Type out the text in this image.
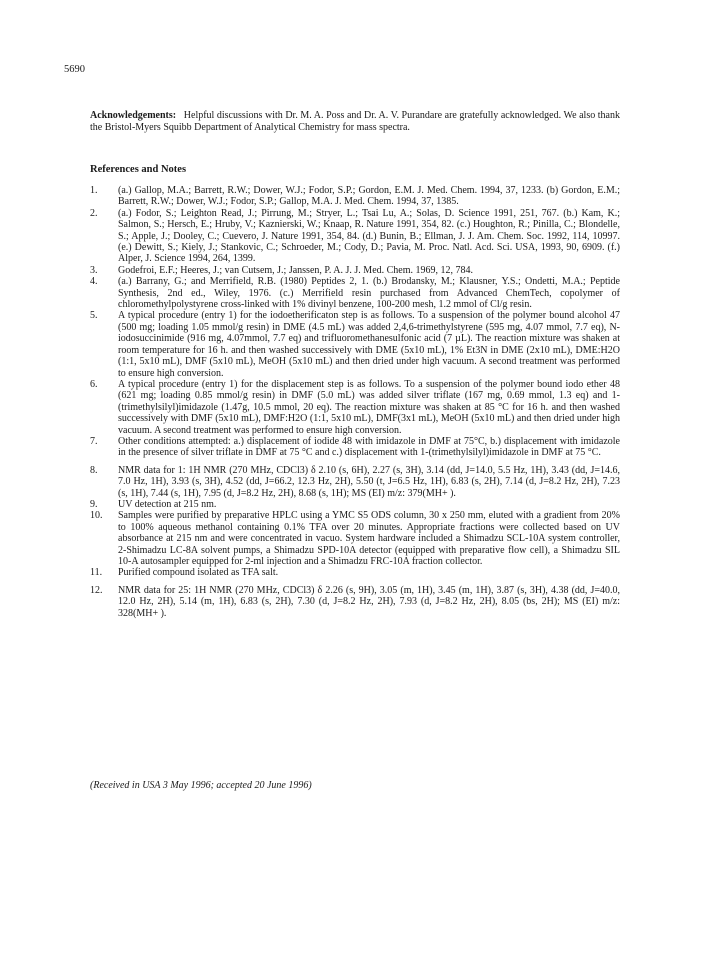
5690
Acknowledgements: Helpful discussions with Dr. M. A. Poss and Dr. A. V. Purandare are gratefully acknowledged. We also thank the Bristol-Myers Squibb Department of Analytical Chemistry for mass spectra.
References and Notes
1.	(a.) Gallop, M.A.; Barrett, R.W.; Dower, W.J.; Fodor, S.P.; Gordon, E.M. J. Med. Chem. 1994, 37, 1233. (b) Gordon, E.M.; Barrett, R.W.; Dower, W.J.; Fodor, S.P.; Gallop, M.A. J. Med. Chem. 1994, 37, 1385.
2.	(a.) Fodor, S.; Leighton Read, J.; Pirrung, M.; Stryer, L.; Tsai Lu, A.; Solas, D. Science 1991, 251, 767. (b.) Kam, K.; Salmon, S.; Hersch, E.; Hruby, V.; Kaznierski, W.; Knaap, R. Nature 1991, 354, 82. (c.) Houghton, R.; Pinilla, C.; Blondelle, S.; Apple, J.; Dooley, C.; Cuevero, J. Nature 1991, 354, 84. (d.) Bunin, B.; Ellman, J. J. Am. Chem. Soc. 1992, 114, 10997. (e.) Dewitt, S.; Kiely, J.; Stankovic, C.; Schroeder, M.; Cody, D.; Pavia, M. Proc. Natl. Acd. Sci. USA, 1993, 90, 6909. (f.) Alper, J. Science 1994, 264, 1399.
3.	Godefroi, E.F.; Heeres, J.; van Cutsem, J.; Janssen, P. A. J. J. Med. Chem. 1969, 12, 784.
4.	(a.) Barrany, G.; and Merrifield, R.B. (1980) Peptides 2, 1. (b.) Brodansky, M.; Klausner, Y.S.; Ondetti, M.A.; Peptide Synthesis, 2nd ed., Wiley, 1976. (c.) Merrifield resin purchased from Advanced ChemTech, copolymer of chloromethylpolystyrene cross-linked with 1% divinyl benzene, 100-200 mesh, 1.2 mmol of Cl/g resin.
5.	A typical procedure (entry 1) for the iodoetherificaton step is as follows. To a suspension of the polymer bound alcohol 47 (500 mg; loading 1.05 mmol/g resin) in DME (4.5 mL) was added 2,4,6-trimethylstyrene (595 mg, 4.07 mmol, 7.7 eq), N-iodosuccinimide (916 mg, 4.07mmol, 7.7 eq) and trifluoromethanesulfonic acid (7 µL). The reaction mixture was shaken at room temperature for 16 h. and then washed successively with DME (5x10 mL), 1% Et3N in DME (2x10 mL), DME:H2O (1:1, 5x10 mL), DMF (5x10 mL), MeOH (5x10 mL) and then dried under high vacuum. A second treatment was performed to ensure high conversion.
6.	A typical procedure (entry 1) for the displacement step is as follows. To a suspension of the polymer bound iodo ether 48 (621 mg; loading 0.85 mmol/g resin) in DMF (5.0 mL) was added silver triflate (167 mg, 0.69 mmol, 1.3 eq) and 1-(trimethylsilyl)imidazole (1.47g, 10.5 mmol, 20 eq). The reaction mixture was shaken at 85 °C for 16 h. and then washed successively with DMF (5x10 mL), DMF:H2O (1:1, 5x10 mL), DMF(3x1 mL), MeOH (5x10 mL) and then dried under high vacuum. A second treatment was performed to ensure high conversion.
7.	Other conditions attempted: a.) displacement of iodide 48 with imidazole in DMF at 75°C, b.) displacement with imidazole in the presence of silver triflate in DMF at 75 °C and c.) displacement with 1-(trimethylsilyl)imidazole in DMF at 75 °C.
8.	NMR data for 1: 1H NMR (270 MHz, CDCl3) δ 2.10 (s, 6H), 2.27 (s, 3H), 3.14 (dd, J=14.0, 5.5 Hz, 1H), 3.43 (dd, J=14.6, 7.0 Hz, 1H), 3.93 (s, 3H), 4.52 (dd, J=66.2, 12.3 Hz, 2H), 5.50 (t, J=6.5 Hz, 1H), 6.83 (s, 2H), 7.14 (d, J=8.2 Hz, 2H), 7.23 (s, 1H), 7.44 (s, 1H), 7.95 (d, J=8.2 Hz, 2H), 8.68 (s, 1H); MS (EI) m/z: 379(MH+ ).
9.	UV detection at 215 nm.
10.	Samples were purified by preparative HPLC using a YMC S5 ODS column, 30 x 250 mm, eluted with a gradient from 20% to 100% aqueous methanol containing 0.1% TFA over 20 minutes. Appropriate fractions were collected based on UV absorbance at 215 nm and were concentrated in vacuo. System hardware included a Shimadzu SCL-10A system controller, 2-Shimadzu LC-8A solvent pumps, a Shimadzu SPD-10A detector (equipped with preparative flow cell), a Shimadzu SIL 10-A autosampler equipped for 2-ml injection and a Shimadzu FRC-10A fraction collector.
11.	Purified compound isolated as TFA salt.
12.	NMR data for 25: 1H NMR (270 MHz, CDCl3) δ 2.26 (s, 9H), 3.05 (m, 1H), 3.45 (m, 1H), 3.87 (s, 3H), 4.38 (dd, J=40.0, 12.0 Hz, 2H), 5.14 (m, 1H), 6.83 (s, 2H), 7.30 (d, J=8.2 Hz, 2H), 7.93 (d, J=8.2 Hz, 2H), 8.05 (bs, 2H); MS (EI) m/z: 328(MH+ ).
(Received in USA 3 May 1996; accepted 20 June 1996)
